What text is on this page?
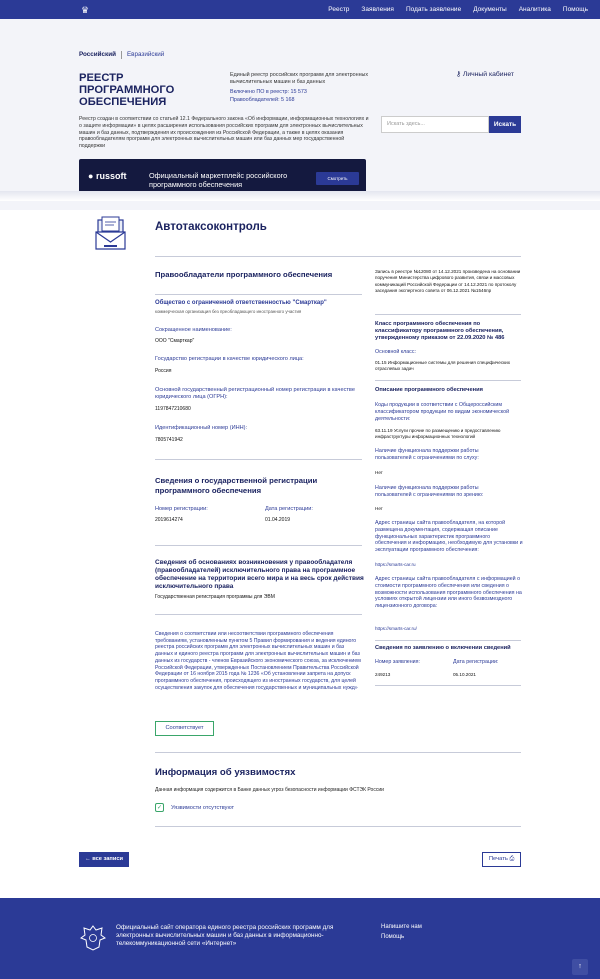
♛	Реестр Заявления Подать заявление Документы Аналитика Помощь
Российский Евразийский
РЕЕСТР ПРОГРАММНОГО ОБЕСПЕЧЕНИЯ
Единый реестр российских программ для электронных вычислительных машин и баз данных
Включено ПО в реестр: 15 573
Правообладателей: 5 168
⚷ Личный кабинет
Реестр создан в соответствии со статьей 12.1 Федерального закона «Об информации, информационных технологиях и о защите информации» в целях расширения использования российских программ для электронных вычислительных машин и баз данных, подтверждения их происхождения из Российской Федерации, а также в целях оказания правообладателям программ для электронных вычислительных машин или баз данных мер государственной поддержки
Искать здесь...	Искать
● russoft	Официальный маркетплейс российского программного обеспечения
Смотреть
Автотаксоконтроль
Правообладатели программного обеспечения
Общество с ограниченной ответственностью "Смарткар"
коммерческая организация без преобладающего иностранного участия
Сокращенное наименование:
ООО "Смарткар"
Государство регистрации в качестве юридического лица:
Россия
Основной государственный регистрационный номер регистрации в качестве юридического лица (ОГРН):
1197847210680
Идентификационный номер (ИНН):
7805741942
Сведения о государственной регистрации программного обеспечения
Номер регистрации:
2019614274
Дата регистрации:
01.04.2019
Сведения об основаниях возникновения у правообладателя (правообладателей) исключительного права на программное обеспечение на территории всего мира и на весь срок действия исключительного права
Государственная регистрация программы для ЭВМ
Сведения о соответствии или несоответствии программного обеспечения требованиям, установленным пунктом 5 Правил формирования и ведения единого реестра российских программ для электронных вычислительных машин и баз данных и единого реестра программ для электронных вычислительных машин и баз данных из государств - членов Евразийского экономического союза, за исключением Российской Федерации, утвержденных Постановлением Правительства Российской Федерации от 16 ноября 2015 года № 1236 «Об установлении запрета на допуск программного обеспечения, происходящего из иностранных государств, для целей осуществления закупок для обеспечения государственных и муниципальных нужд»
Соответствует
Информация об уязвимостях
Данная информация содержится в Банке данных угроз безопасности информации ФСТЭК России
✓	Уязвимости отсутствуют
← все записи	Печать ⎙
Запись в реестре №12080 от 14.12.2021 произведена на основании поручения Министерства цифрового развития, связи и массовых коммуникаций Российской Федерации от 14.12.2021 по протоколу заседания экспертного совета от 06.12.2021 №1546пр
Класс программного обеспечения по классификатору программного обеспечения, утвержденному приказом от 22.09.2020 № 486
Основной класс:
01.15 Информационные системы для решения специфических отраслевых задач
Описание программного обеспечения
Коды продукции в соответствии с Общероссийским классификатором продукции по видам экономической деятельности:
63.11.19 Услуги прочие по размещению и предоставлению инфраструктуры информационных технологий
Наличие функционала поддержки работы пользователей с ограничениями по слуху:
Нет
Наличие функционала поддержки работы пользователей с ограничениями по зрению:
Нет
Адрес страницы сайта правообладателя, на которой размещена документация, содержащая описание функциональных характеристик программного обеспечения и информацию, необходимую для установки и эксплуатации программного обеспечения:
https://smarts-car.ru
Адрес страницы сайта правообладателя с информацией о стоимости программного обеспечения или сведения о возможности использования программного обеспечения на условиях открытой лицензии или иного безвозмездного лицензионного договора:
https://smarts-car.ru/
Сведения по заявлению о включении сведений
Номер заявления:
249213
Дата регистрации:
05.10.2021
Официальный сайт оператора единого реестра российских программ для электронных вычислительных машин и баз данных в информационно-телекоммуникационной сети «Интернет»
Напишите нам
Помощь
↑
